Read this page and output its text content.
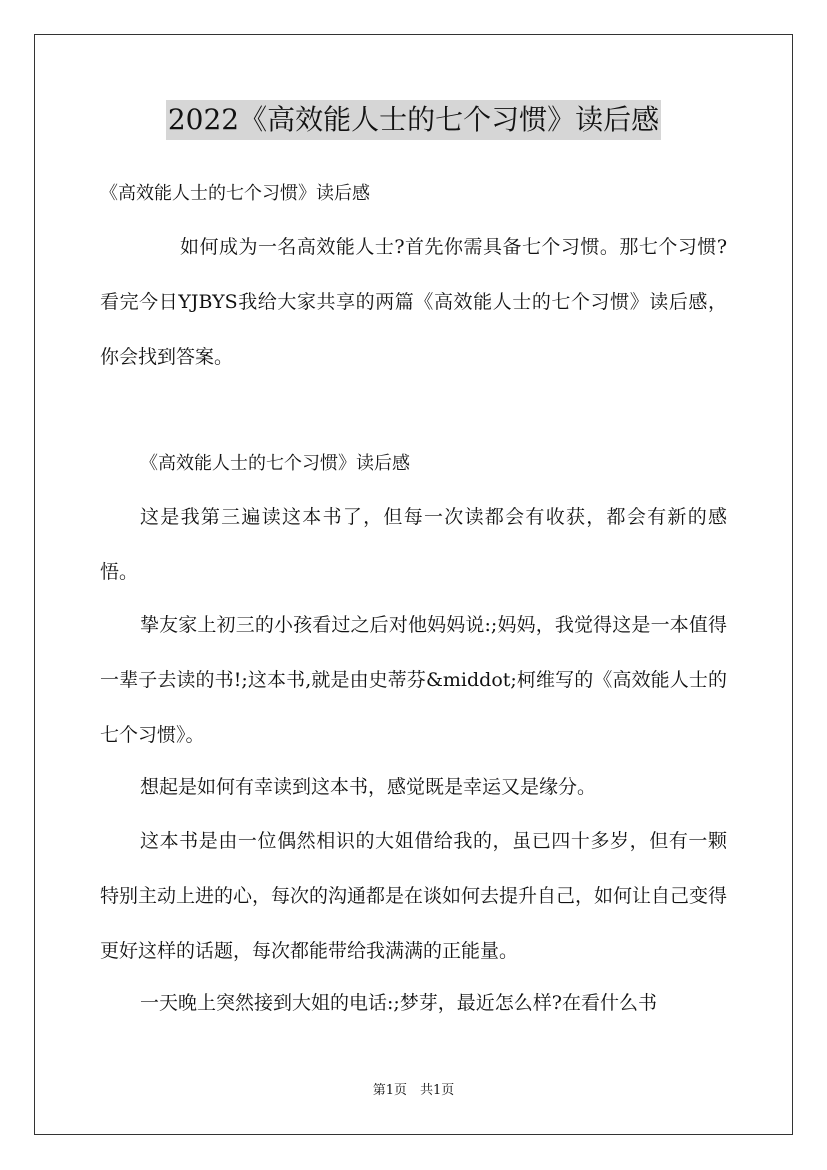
2022《高效能人士的七个习惯》读后感

《高效能人士的七个习惯》读后感

如何成为一名高效能人士?首先你需具备七个习惯。那七个习惯?看完今日YJBYS我给大家共享的两篇《高效能人士的七个习惯》读后感，你会找到答案。

《高效能人士的七个习惯》读后感

这是我第三遍读这本书了，但每一次读都会有收获，都会有新的感悟。

挚友家上初三的小孩看过之后对他妈妈说:;妈妈，我觉得这是一本值得一辈子去读的书!;这本书,就是由史蒂芬&middot;柯维写的《高效能人士的七个习惯》。

想起是如何有幸读到这本书，感觉既是幸运又是缘分。

这本书是由一位偶然相识的大姐借给我的，虽已四十多岁，但有一颗特别主动上进的心，每次的沟通都是在谈如何去提升自己，如何让自己变得更好这样的话题，每次都能带给我满满的正能量。

一天晚上突然接到大姐的电话:;梦芽，最近怎么样?在看什么书

第1页　共1页
